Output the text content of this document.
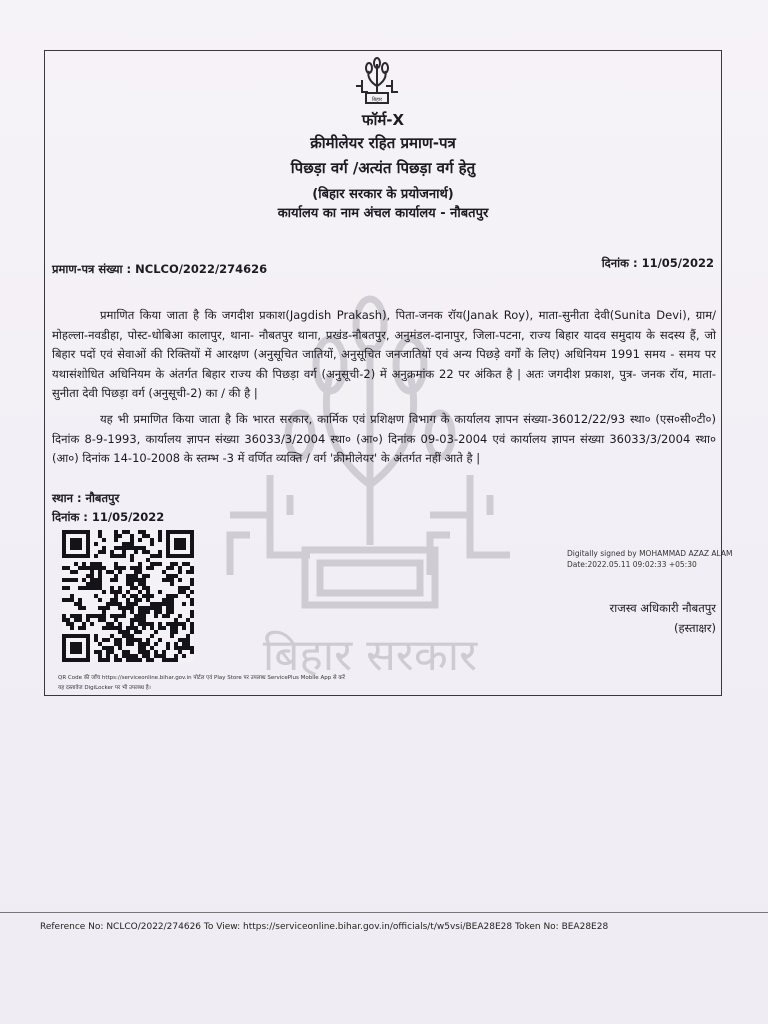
बिहार सरकार
बिहार
फॉर्म-X
क्रीमीलेयर रहित प्रमाण-पत्र
पिछड़ा वर्ग /अत्यंत पिछड़ा वर्ग हेतु
(बिहार सरकार के प्रयोजनार्थ)
कार्यालय का नाम अंचल कार्यालय - नौबतपुर
प्रमाण-पत्र संख्या : NCLCO/2022/274626	दिनांक : 11/05/2022
प्रमाणित किया जाता है कि जगदीश प्रकाश(Jagdish Prakash), पिता-जनक रॉय(Janak Roy), माता-सुनीता देवी(Sunita Devi), ग्राम/मोहल्ला-नवडीहा, पोस्ट-धोबिआ कालापुर, थाना- नौबतपुर थाना, प्रखंड-नौबतपुर, अनुमंडल-दानापुर, जिला-पटना, राज्य बिहार यादव समुदाय के सदस्य हैं, जो बिहार पदों एवं सेवाओं की रिक्तियों में आरक्षण (अनुसूचित जातियों, अनुसूचित जनजातियों एवं अन्य पिछड़े वर्गों के लिए) अधिनियम 1991 समय - समय पर यथासंशोधित अधिनियम के अंतर्गत बिहार राज्य की पिछड़ा वर्ग (अनुसूची-2) में अनुक्रमांक 22 पर अंकित है | अतः जगदीश प्रकाश, पुत्र- जनक रॉय, माता-सुनीता देवी पिछड़ा वर्ग (अनुसूची-2) का / की है |
यह भी प्रमाणित किया जाता है कि भारत सरकार, कार्मिक एवं प्रशिक्षण विभाग के कार्यालय ज्ञापन संख्या-36012/22/93 स्था० (एस०सी०टी०) दिनांक 8-9-1993, कार्यालय ज्ञापन संख्या 36033/3/2004 स्था० (आ०) दिनांक 09-03-2004 एवं कार्यालय ज्ञापन संख्या 36033/3/2004 स्था० (आ०) दिनांक 14-10-2008 के स्तम्भ -3 में वर्णित व्यक्ति / वर्ग 'क्रीमीलेयर' के अंतर्गत नहीं आते है |
स्थान : नौबतपुर
दिनांक : 11/05/2022
Digitally signed by MOHAMMAD AZAZ ALAM
Date:2022.05.11 09:02:33 +05:30
राजस्व अधिकारी नौबतपुर
(हस्ताक्षर)
QR Code की जाँच https://serviceonline.bihar.gov.in पोर्टल एवं Play Store पर उपलब्ध ServicePlus Mobile App से करें
यह दस्तावेज DigiLocker पर भी उपलब्ध है।
Reference No: NCLCO/2022/274626 To View: https://serviceonline.bihar.gov.in/officials/t/w5vsi/BEA28E28 Token No: BEA28E28
